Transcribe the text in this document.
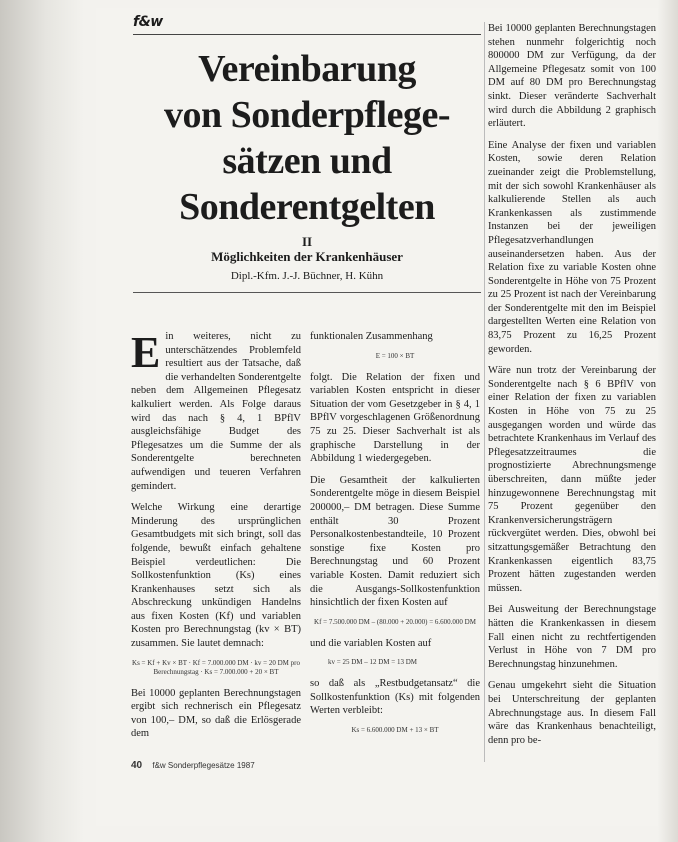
f&w
Vereinbarung
von Sonderpflege-
sätzen und
Sonderentgelten
II
Möglichkeiten der Krankenhäuser
Dipl.-Kfm. J.-J. Büchner, H. Kühn

Ein weiteres, nicht zu unterschätzendes Problemfeld resultiert aus der Tatsache, daß die verhandelten Sonderentgelte neben dem Allgemeinen Pflegesatz kalkuliert werden. Als Folge daraus wird das nach § 4, 1 BPflV ausgleichsfähige Budget des Pflegesatzes um die Summe der als Sonderentgelte berechneten aufwendigen und teueren Verfahren gemindert.

Welche Wirkung eine derartige Minderung des ursprünglichen Gesamtbudgets mit sich bringt, soll das folgende, bewußt einfach gehaltene Beispiel verdeutlichen: Die Sollkostenfunktion (Ks) eines Krankenhauses setzt sich als Abschreckung unkündigen Handelns aus fixen Kosten (Kf) und variablen Kosten pro Berechnungstag (kv × BT) zusammen. Sie lautet demnach:

Ks = Kf + Kv × BT · Kf = 7.000.000 DM · kv = 20 DM pro Berechnungstag · Ks = 7.000.000 + 20 × BT

Bei 10000 geplanten Berechnungstagen ergibt sich rechnerisch ein Pflegesatz von 100,– DM, so daß die Erlösgerade dem

funktionalen Zusammenhang

E = 100 × BT

folgt. Die Relation der fixen und variablen Kosten entspricht in dieser Situation der vom Gesetzgeber in § 4, 1 BPflV vorgeschlagenen Größenordnung 75 zu 25. Dieser Sachverhalt ist als graphische Darstellung in der Abbildung 1 wiedergegeben.

Die Gesamtheit der kalkulierten Sonderentgelte möge in diesem Beispiel 200000,– DM betragen. Diese Summe enthält 30 Prozent Personalkostenbestandteile, 10 Prozent sonstige fixe Kosten pro Berechnungstag und 60 Prozent variable Kosten. Damit reduziert sich die Ausgangs-Sollkostenfunktion hinsichtlich der fixen Kosten auf

Kf = 7.500.000 DM – (80.000 + 20.000) = 6.600.000 DM

und die variablen Kosten auf

kv = 25 DM – 12 DM = 13 DM

so daß als „Restbudgetansatz“ die Sollkostenfunktion (Ks) mit folgenden Werten verbleibt:

Ks = 6.600.000 DM + 13 × BT

Bei 10000 geplanten Berechnungstagen stehen nunmehr folgerichtig noch 800000 DM zur Verfügung, da der Allgemeine Pflegesatz somit von 100 DM auf 80 DM pro Berechnungstag sinkt. Dieser veränderte Sachverhalt wird durch die Abbildung 2 graphisch erläutert.

Eine Analyse der fixen und variablen Kosten, sowie deren Relation zueinander zeigt die Problemstellung, mit der sich sowohl Krankenhäuser als kalkulierende Stellen als auch Krankenkassen als zustimmende Instanzen bei der jeweiligen Pflegesatzverhandlungen auseinandersetzen haben. Aus der Relation fixe zu variable Kosten ohne Sonderentgelte in Höhe von 75 Prozent zu 25 Prozent ist nach der Vereinbarung der Sonderentgelte mit den im Beispiel dargestellten Werten eine Relation von 83,75 Prozent zu 16,25 Prozent geworden.

Wäre nun trotz der Vereinbarung der Sonderentgelte nach § 6 BPflV von einer Relation der fixen zu variablen Kosten in Höhe von 75 zu 25 ausgegangen worden und würde das betrachtete Krankenhaus im Verlauf des Pflegesatzzeitraumes die prognostizierte Abrechnungsmenge überschreiten, dann müßte jeder hinzugewonnene Berechnungstag mit 75 Prozent gegenüber den Krankenversicherungsträgern rückvergütet werden. Dies, obwohl bei sitzattungsgemäßer Betrachtung den Krankenkassen eigentlich 83,75 Prozent hätten zugestanden werden müssen.

Bei Ausweitung der Berechnungstage hätten die Krankenkassen in diesem Fall einen nicht zu rechtfertigenden Verlust in Höhe von 7 DM pro Berechnungstag hinzunehmen.

Genau umgekehrt sieht die Situation bei Unterschreitung der geplanten Abrechnungstage aus. In diesem Fall wäre das Krankenhaus benachteiligt, denn pro be-

40 f&w Sonderpflegesätze 1987
